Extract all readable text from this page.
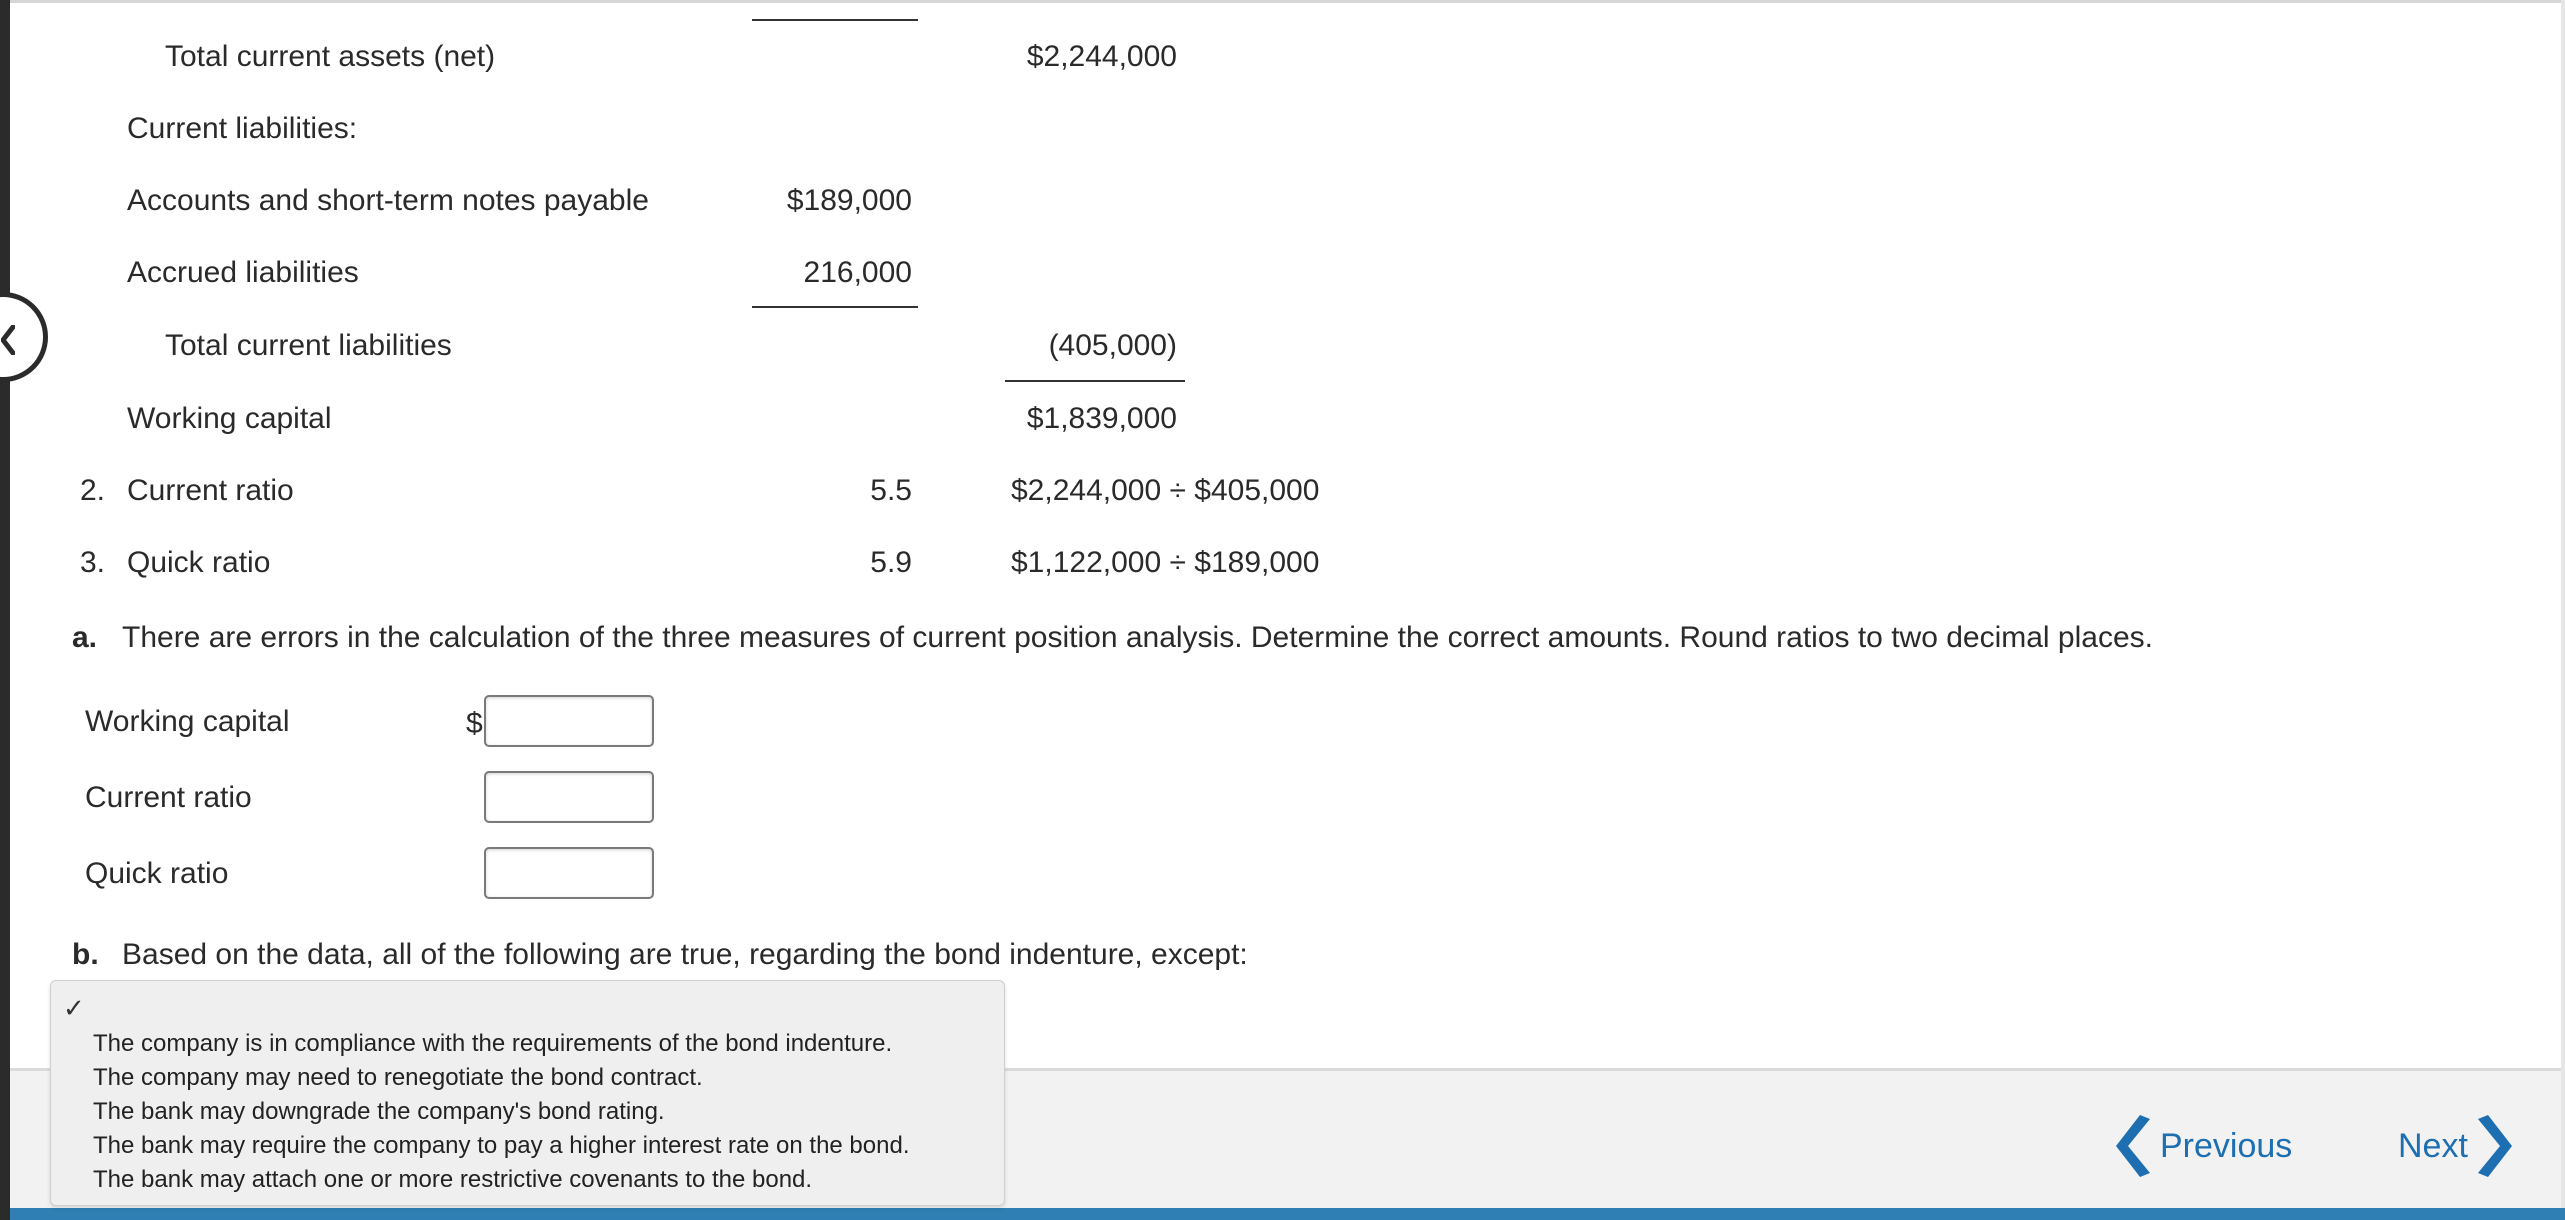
Total current assets (net)	$2,244,000
Current liabilities:
Accounts and short-term notes payable	$189,000
Accrued liabilities	216,000
Total current liabilities	(405,000)
Working capital	$1,839,000
2. Current ratio	5.5	$2,244,000 ÷ $405,000
3. Quick ratio	5.9	$1,122,000 ÷ $189,000
a. There are errors in the calculation of the three measures of current position analysis. Determine the correct amounts. Round ratios to two decimal places.
Working capital	$
Current ratio
Quick ratio
b. Based on the data, all of the following are true, regarding the bond indenture, except:
✓
The company is in compliance with the requirements of the bond indenture.
The company may need to renegotiate the bond contract.
The bank may downgrade the company's bond rating.
The bank may require the company to pay a higher interest rate on the bond.
The bank may attach one or more restrictive covenants to the bond.
Previous	Next
